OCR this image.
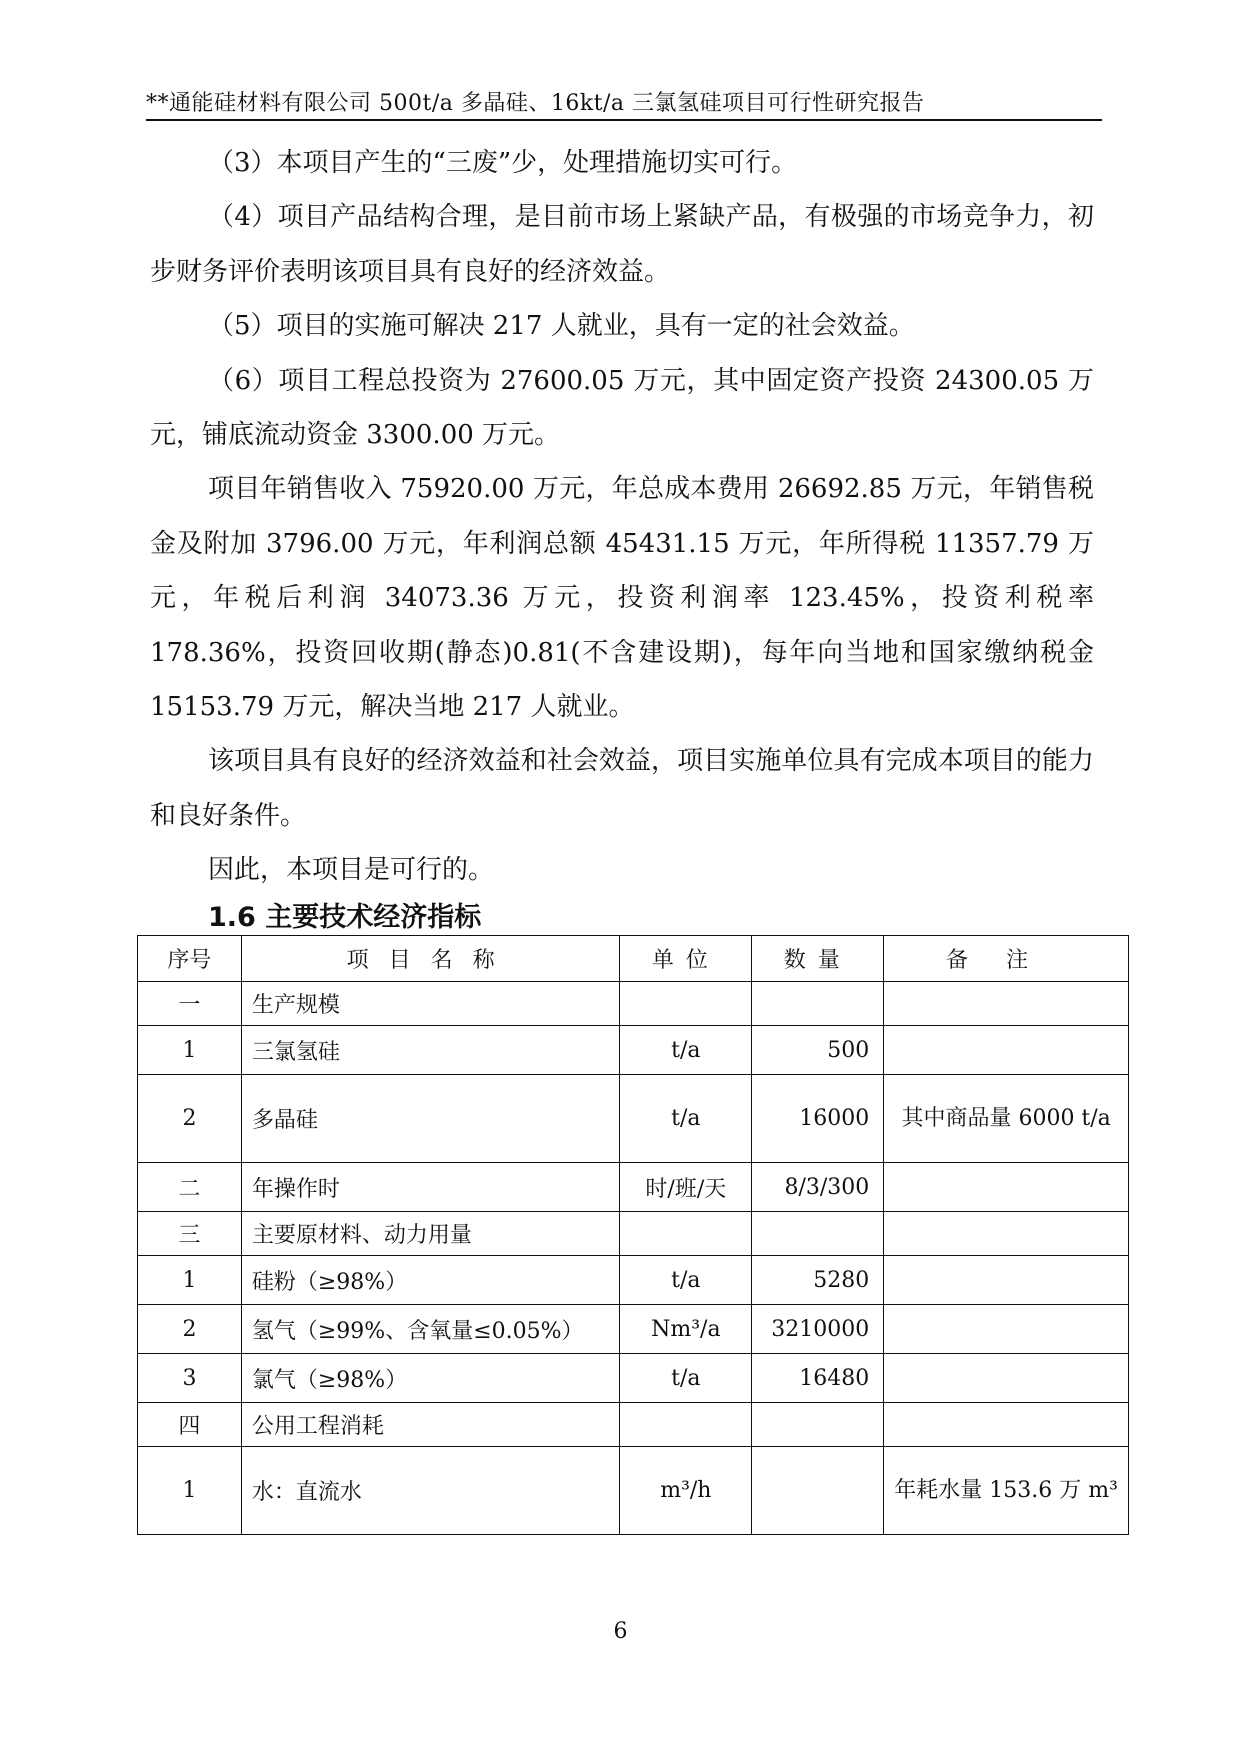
**通能硅材料有限公司 500t/a 多晶硅、16kt/a 三氯氢硅项目可行性研究报告

（3）本项目产生的“三废”少，处理措施切实可行。

（4）项目产品结构合理，是目前市场上紧缺产品，有极强的市场竞争力，初步财务评价表明该项目具有良好的经济效益。

（5）项目的实施可解决 217 人就业，具有一定的社会效益。

（6）项目工程总投资为 27600.05 万元，其中固定资产投资 24300.05 万元，铺底流动资金 3300.00 万元。

项目年销售收入 75920.00 万元，年总成本费用 26692.85 万元，年销售税金及附加 3796.00 万元，年利润总额 45431.15 万元，年所得税 11357.79 万元，年税后利润 34073.36 万元，投资利润率 123.45%，投资利税率 178.36%，投资回收期(静态)0.81(不含建设期)，每年向当地和国家缴纳税金 15153.79 万元，解决当地 217 人就业。

该项目具有良好的经济效益和社会效益，项目实施单位具有完成本项目的能力和良好条件。

因此，本项目是可行的。

1.6 主要技术经济指标
序号	项目名称	单位	数量	备注
一	生产规模			
1	三氯氢硅	t/a	500	
2	多晶硅	t/a	16000	其中商品量 6000 t/a
二	年操作时	时/班/天	8/3/300	
三	主要原材料、动力用量			
1	硅粉（≥98%）	t/a	5280	
2	氢气（≥99%、含氧量≤0.05%）	Nm³/a	3210000	
3	氯气（≥98%）	t/a	16480	
四	公用工程消耗			
1	水：直流水	m³/h		年耗水量 153.6 万 m³
6
